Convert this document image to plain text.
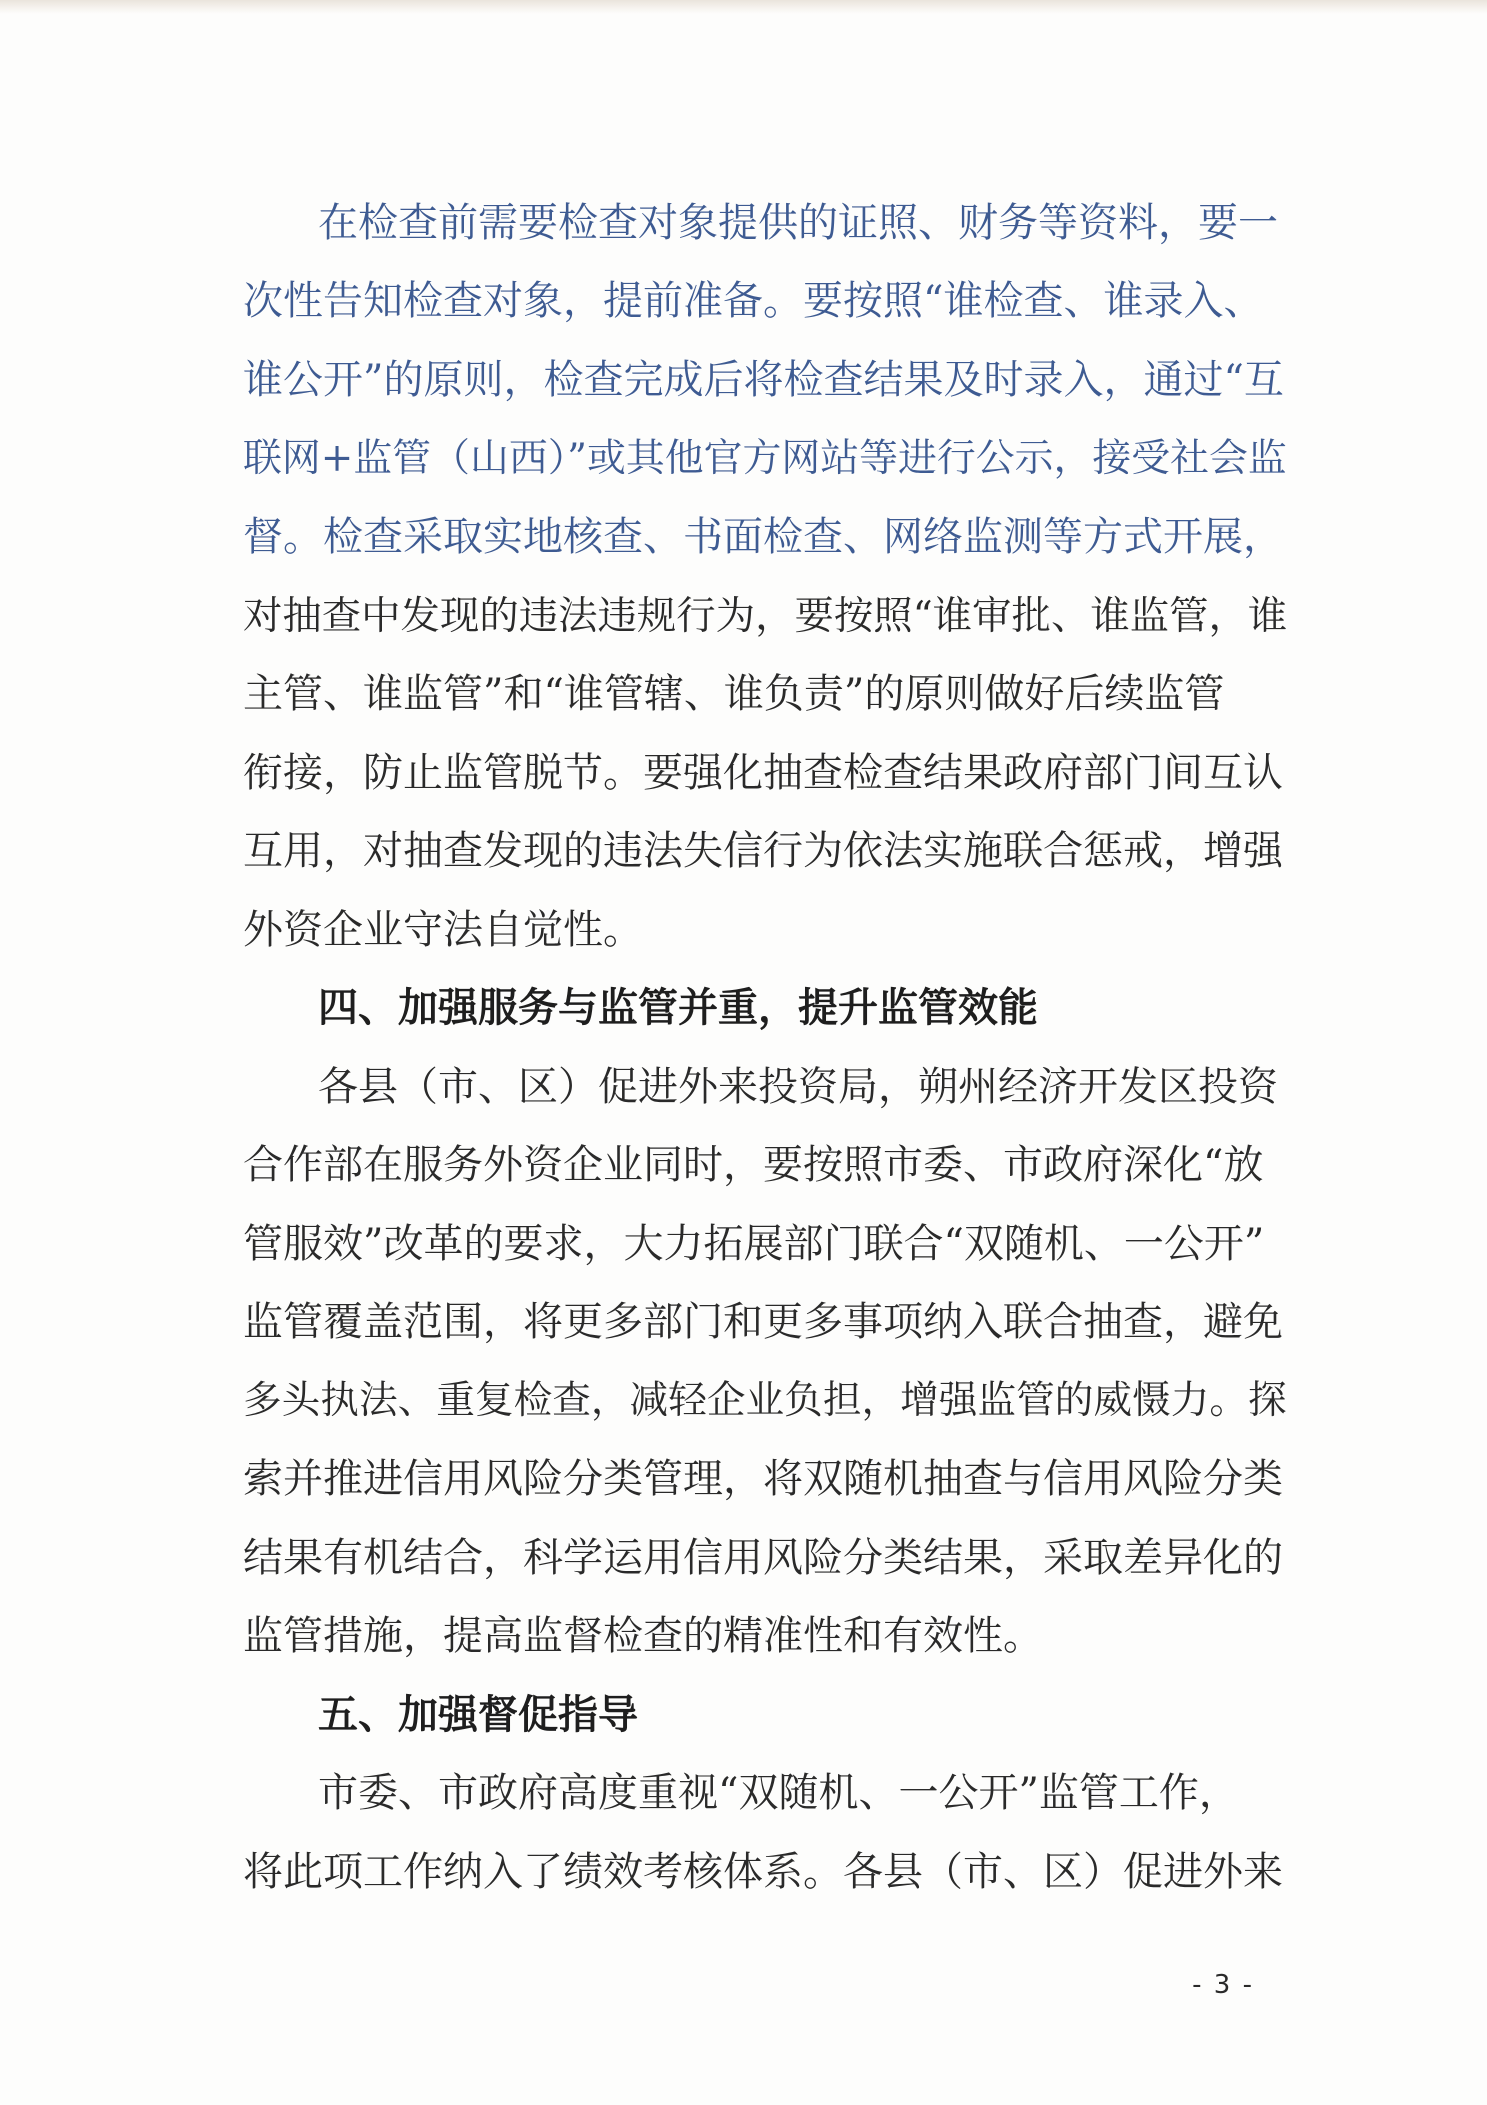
在检查前需要检查对象提供的证照、财务等资料，要一
次性告知检查对象，提前准备。要按照“谁检查、谁录入、
谁公开”的原则，检查完成后将检查结果及时录入，通过“互
联网+监管（山西）”或其他官方网站等进行公示，接受社会监
督。检查采取实地核查、书面检查、网络监测等方式开展，
对抽查中发现的违法违规行为，要按照“谁审批、谁监管，谁
主管、谁监管”和“谁管辖、谁负责”的原则做好后续监管
衔接，防止监管脱节。要强化抽查检查结果政府部门间互认
互用，对抽查发现的违法失信行为依法实施联合惩戒，增强
外资企业守法自觉性。
四、加强服务与监管并重，提升监管效能
各县（市、区）促进外来投资局，朔州经济开发区投资
合作部在服务外资企业同时，要按照市委、市政府深化“放
管服效”改革的要求，大力拓展部门联合“双随机、一公开”
监管覆盖范围，将更多部门和更多事项纳入联合抽查，避免
多头执法、重复检查，减轻企业负担，增强监管的威慑力。探
索并推进信用风险分类管理，将双随机抽查与信用风险分类
结果有机结合，科学运用信用风险分类结果，采取差异化的
监管措施，提高监督检查的精准性和有效性。
五、加强督促指导
市委、市政府高度重视“双随机、一公开”监管工作，
将此项工作纳入了绩效考核体系。各县（市、区）促进外来
- 3 -
